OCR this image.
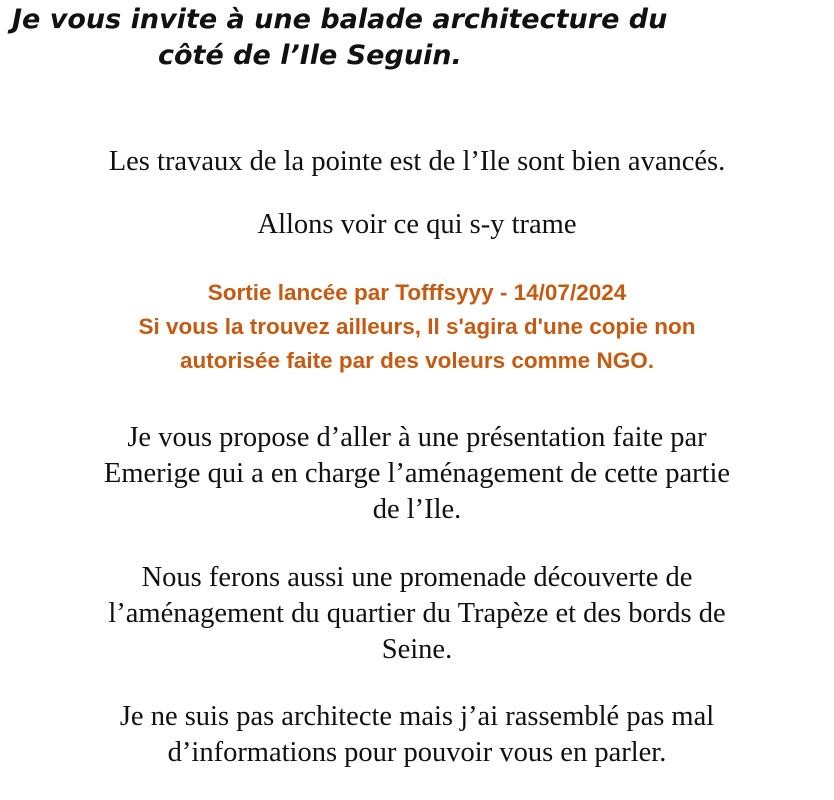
Je vous invite à une balade architecture du
côté de l’Ile Seguin.

Les travaux de la pointe est de l’Ile sont bien avancés.

Allons voir ce qui s-y trame

Sortie lancée par Tofffsyyy - 14/07/2024
Si vous la trouvez ailleurs, Il s'agira d'une copie non
autorisée faite par des voleurs comme NGO.

Je vous propose d’aller à une présentation faite par
Emerige qui a en charge l’aménagement de cette partie
de l’Ile.

Nous ferons aussi une promenade découverte de
l’aménagement du quartier du Trapèze et des bords de
Seine.

Je ne suis pas architecte mais j’ai rassemblé pas mal
d’informations pour pouvoir vous en parler.
